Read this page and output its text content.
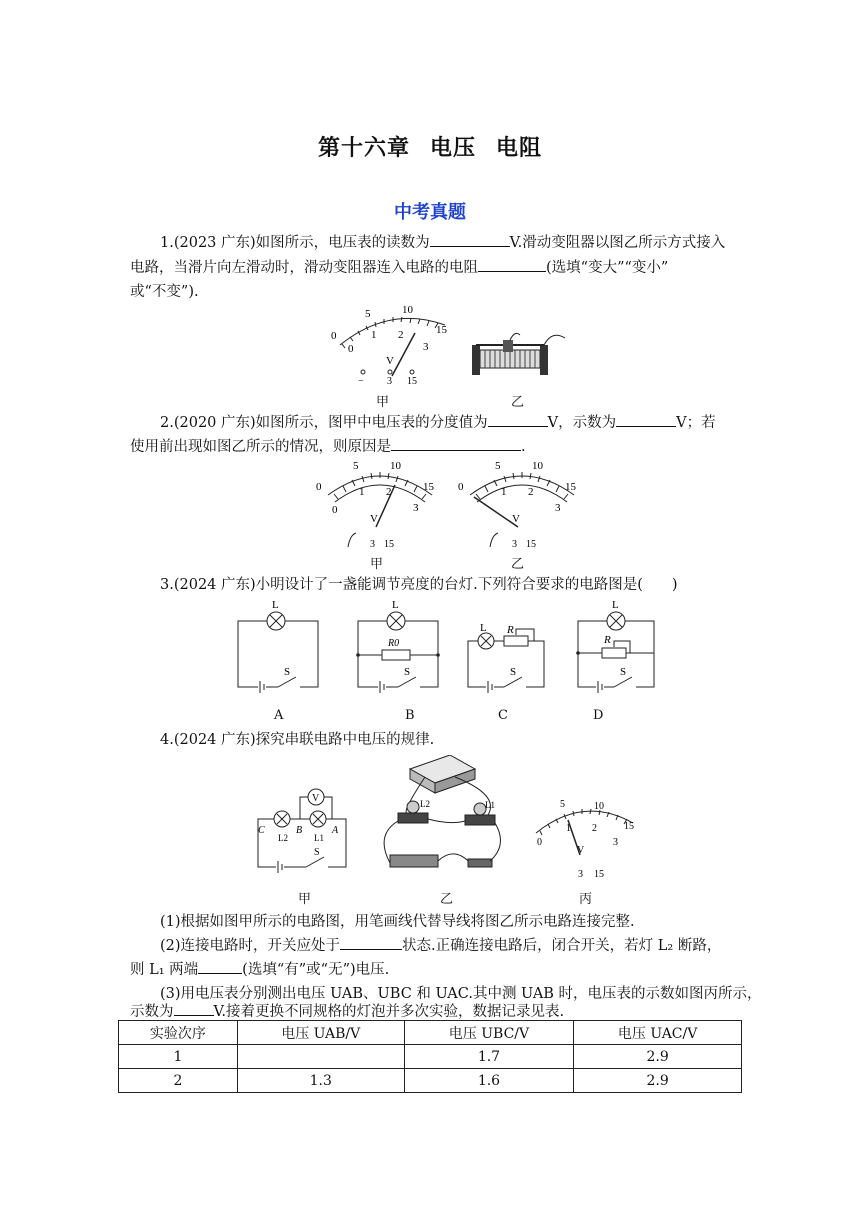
第十六章 电压 电阻
中考真题
1.(2023 广东)如图所示，电压表的读数为	V.滑动变阻器以图乙所示方式接入
电路，当滑片向左滑动时，滑动变阻器连入电路的电阻	(选填“变大”“变小”
或“不变”).
5	10
15
0
0
1 2
3
V
− 3 15
甲	乙
2.(2020 广东)如图所示，图甲中电压表的分度值为	V，示数为	V；若
使用前出现如图乙所示的情况，则原因是	.
5	10
15
0
0
1 2
3
V
3 15
5	10
15
0	1 2
3
V
3 15
甲	乙
3.(2024 广东)小明设计了一盏能调节亮度的台灯.下列符合要求的电路图是(　　)
L
S
L
R0
S
L R
S
L
R
S
A	B	C	D
4.(2024 广东)探究串联电路中电压的规律.
V
C	B	A
L2	L1
S
L2	L1	5	10
15
0
1 2
3
V
3 15
甲	乙	丙
(1)根据如图甲所示的电路图，用笔画线代替导线将图乙所示电路连接完整.
(2)连接电路时，开关应处于	状态.正确连接电路后，闭合开关，若灯 L₂ 断路，
则 L₁ 两端	(选填“有”或“无”)电压.
(3)用电压表分别测出电压 UAB、UBC 和 UAC.其中测 UAB 时，电压表的示数如图丙所示，
示数为	V.接着更换不同规格的灯泡并多次实验，数据记录见表.
实验次序	电压 UAB/V	电压 UBC/V	电压 UAC/V
1		1.7	2.9
2	1.3	1.6	2.9
